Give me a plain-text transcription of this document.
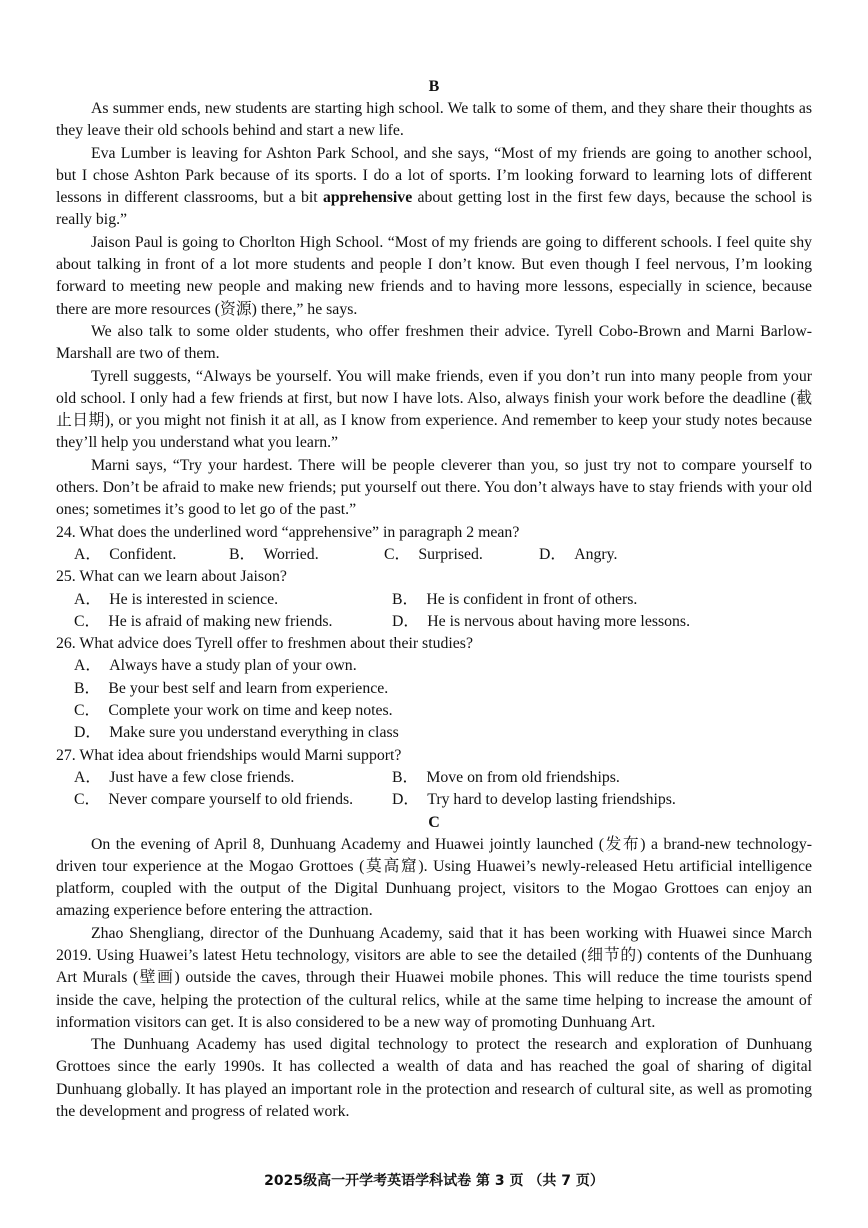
B

As summer ends, new students are starting high school. We talk to some of them, and they share their thoughts as they leave their old schools behind and start a new life.

Eva Lumber is leaving for Ashton Park School, and she says, “Most of my friends are going to another school, but I chose Ashton Park because of its sports. I do a lot of sports. I’m looking forward to learning lots of different lessons in different classrooms, but a bit apprehensive about getting lost in the first few days, because the school is really big.”

Jaison Paul is going to Chorlton High School. “Most of my friends are going to different schools. I feel quite shy about talking in front of a lot more students and people I don’t know. But even though I feel nervous, I’m looking forward to meeting new people and making new friends and to having more lessons, especially in science, because there are more resources (资源) there,” he says.

We also talk to some older students, who offer freshmen their advice. Tyrell Cobo-Brown and Marni Barlow-Marshall are two of them.

Tyrell suggests, “Always be yourself. You will make friends, even if you don’t run into many people from your old school. I only had a few friends at first, but now I have lots. Also, always finish your work before the deadline (截止日期), or you might not finish it at all, as I know from experience. And remember to keep your study notes because they’ll help you understand what you learn.”

Marni says, “Try your hardest. There will be people cleverer than you, so just try not to compare yourself to others. Don’t be afraid to make new friends; put yourself out there. You don’t always have to stay friends with your old ones; sometimes it’s good to let go of the past.”

24. What does the underlined word “apprehensive” in paragraph 2 mean?

A． Confident.	B． Worried.	C． Surprised.	D． Angry.

25. What can we learn about Jaison?

A． He is interested in science.	B． He is confident in front of others.
C． He is afraid of making new friends.	D． He is nervous about having more lessons.

26. What advice does Tyrell offer to freshmen about their studies?

A． Always have a study plan of your own.
B． Be your best self and learn from experience.
C． Complete your work on time and keep notes.
D． Make sure you understand everything in class

27. What idea about friendships would Marni support?

A． Just have a few close friends.	B． Move on from old friendships.
C． Never compare yourself to old friends.	D． Try hard to develop lasting friendships.

C

On the evening of April 8, Dunhuang Academy and Huawei jointly launched (发布) a brand-new technology-driven tour experience at the Mogao Grottoes (莫高窟). Using Huawei’s newly-released Hetu artificial intelligence platform, coupled with the output of the Digital Dunhuang project, visitors to the Mogao Grottoes can enjoy an amazing experience before entering the attraction.

Zhao Shengliang, director of the Dunhuang Academy, said that it has been working with Huawei since March 2019. Using Huawei’s latest Hetu technology, visitors are able to see the detailed (细节的) contents of the Dunhuang Art Murals (壁画) outside the caves, through their Huawei mobile phones. This will reduce the time tourists spend inside the cave, helping the protection of the cultural relics, while at the same time helping to increase the amount of information visitors can get. It is also considered to be a new way of promoting Dunhuang Art.

The Dunhuang Academy has used digital technology to protect the research and exploration of Dunhuang Grottoes since the early 1990s. It has collected a wealth of data and has reached the goal of sharing of digital Dunhuang globally. It has played an important role in the protection and research of cultural site, as well as promoting the development and progress of related work.

2025级高一开学考英语学科试卷 第 3 页 （共 7 页）
